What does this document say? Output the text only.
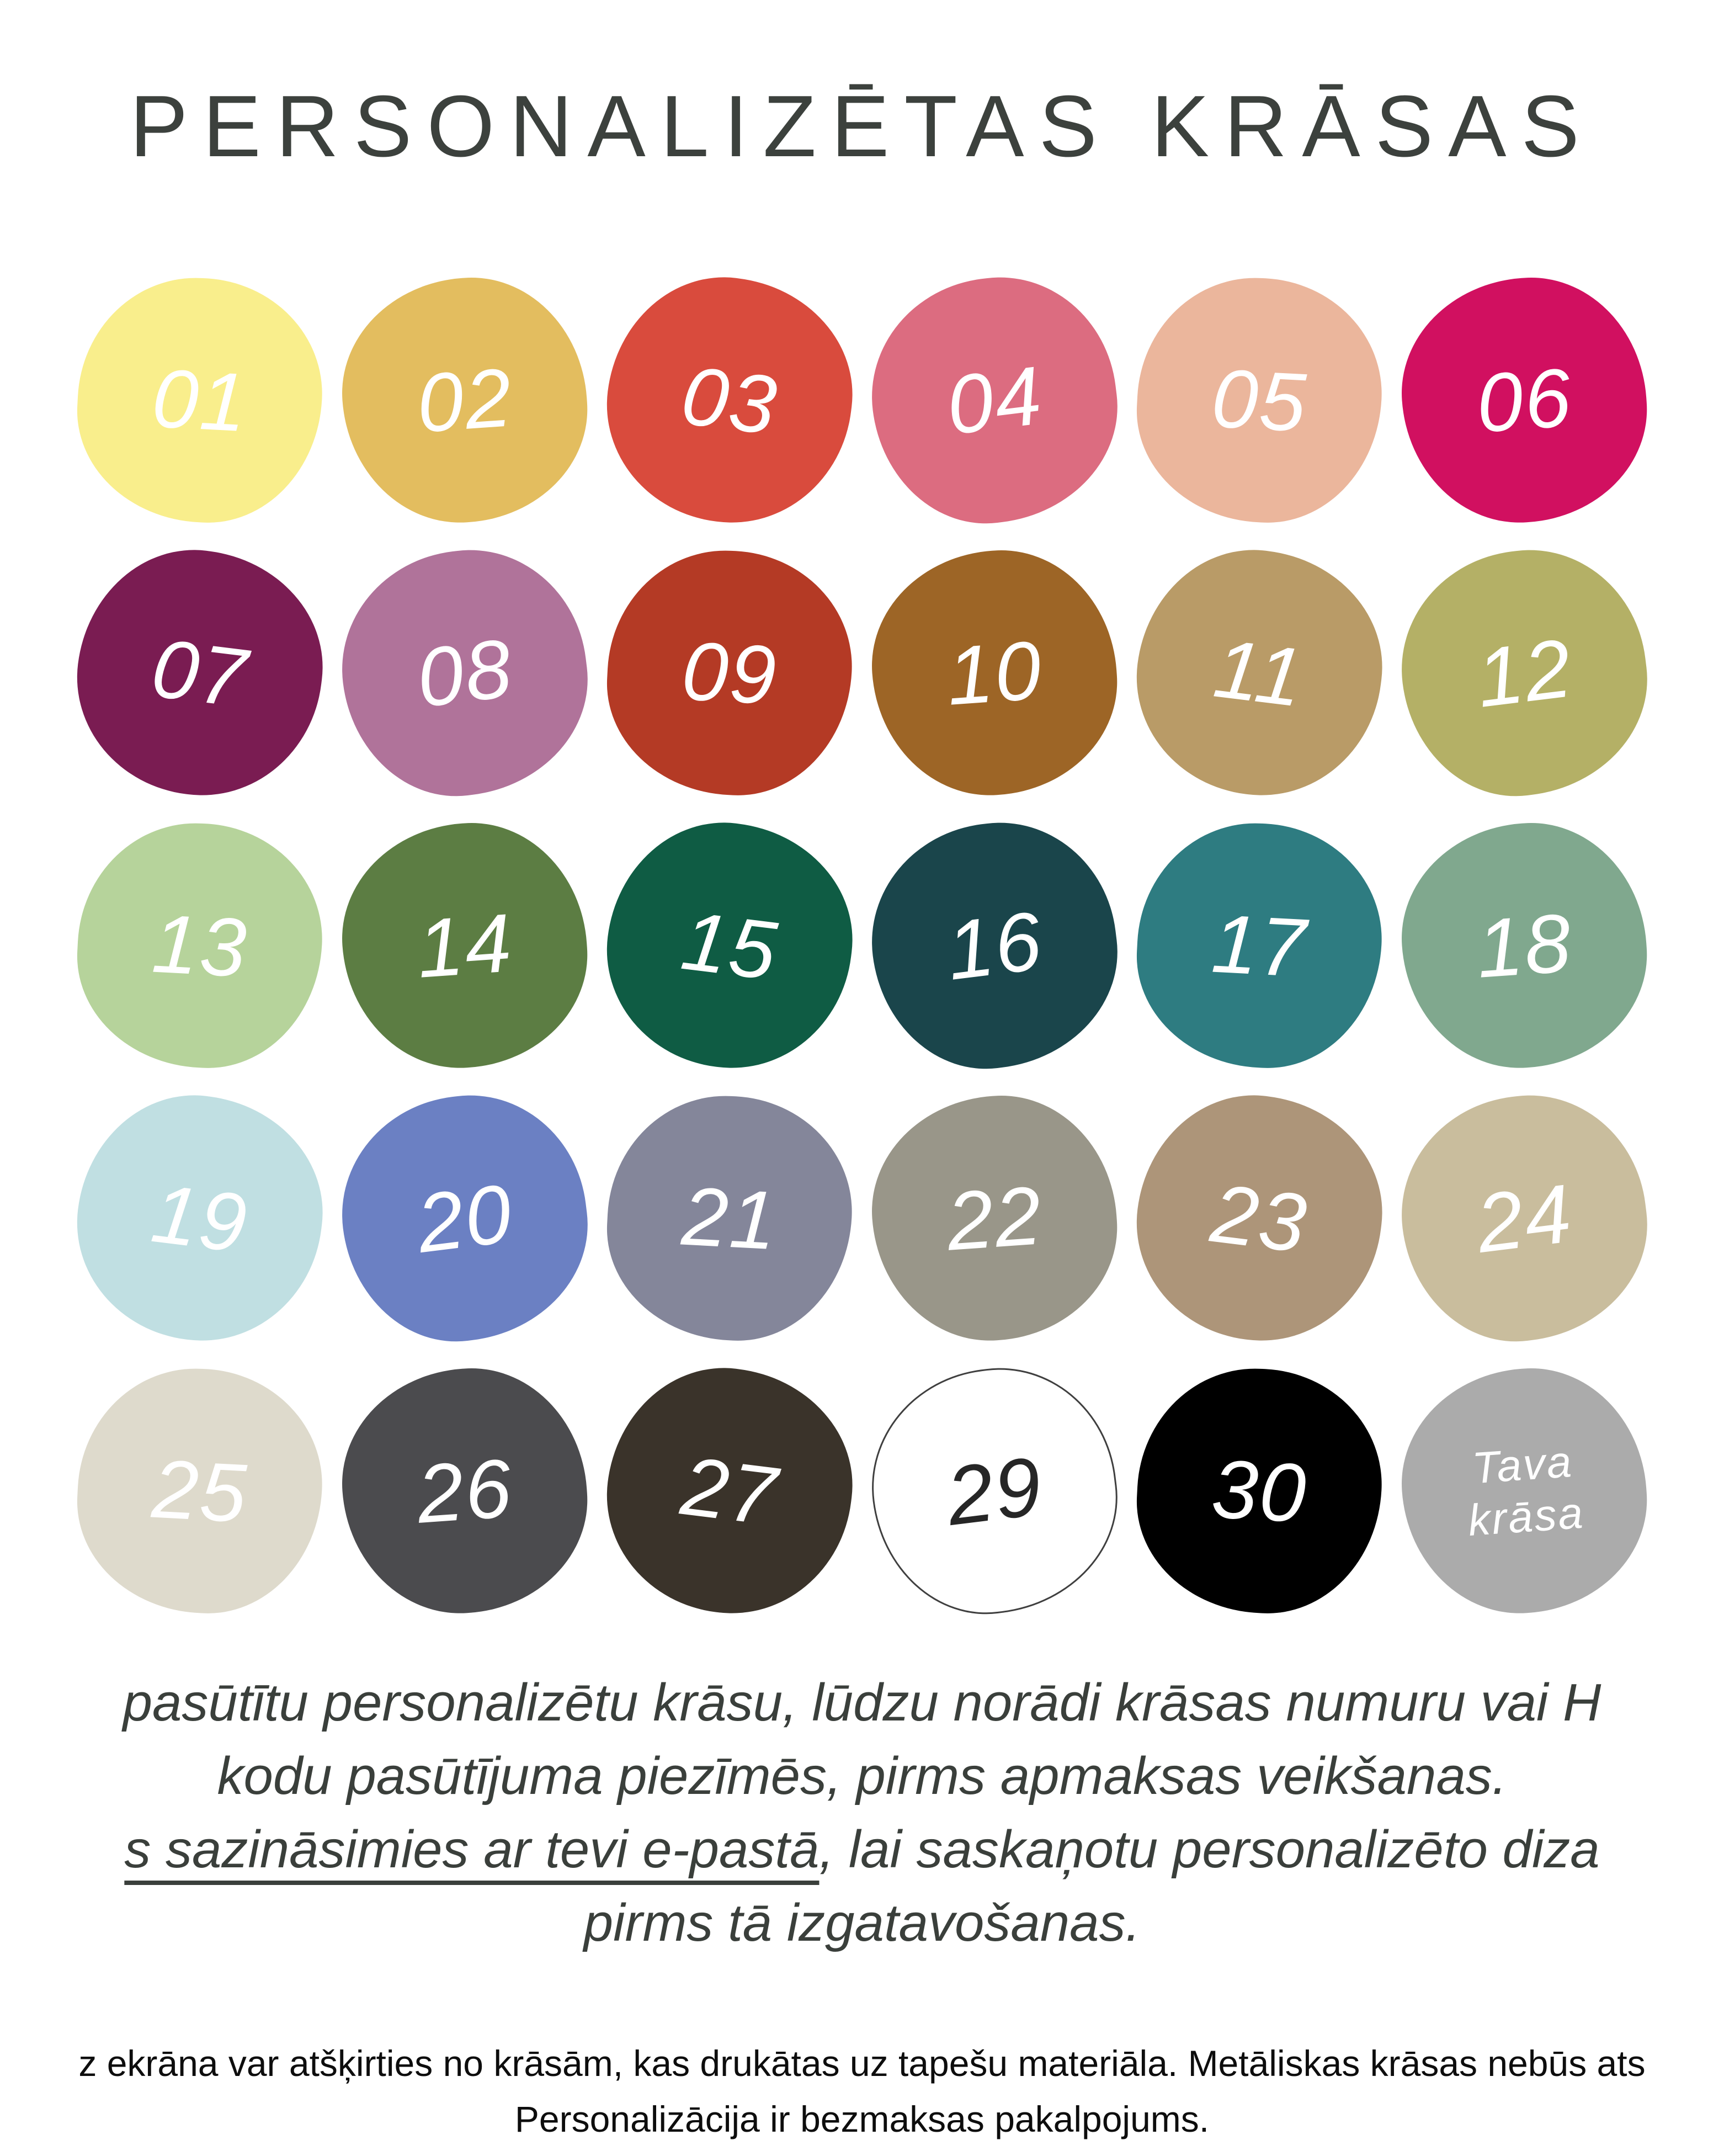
PERSONALIZĒTAS KRĀSAS
01 02 03 04 05 06
07 08 09 10 11 12
13 14 15 16 17 18
19 20 21 22 23 24
25 26 27 29 30	Tava
krāsa
pasūtītu personalizētu krāsu, lūdzu norādi krāsas numuru vai H
kodu pasūtījuma piezīmēs, pirms apmaksas veikšanas.
s sazināsimies ar tevi e-pastā, lai saskaņotu personalizēto diza
pirms tā izgatavošanas.
z ekrāna var atšķirties no krāsām, kas drukātas uz tapešu materiāla. Metāliskas krāsas nebūs ats
Personalizācija ir bezmaksas pakalpojums.
